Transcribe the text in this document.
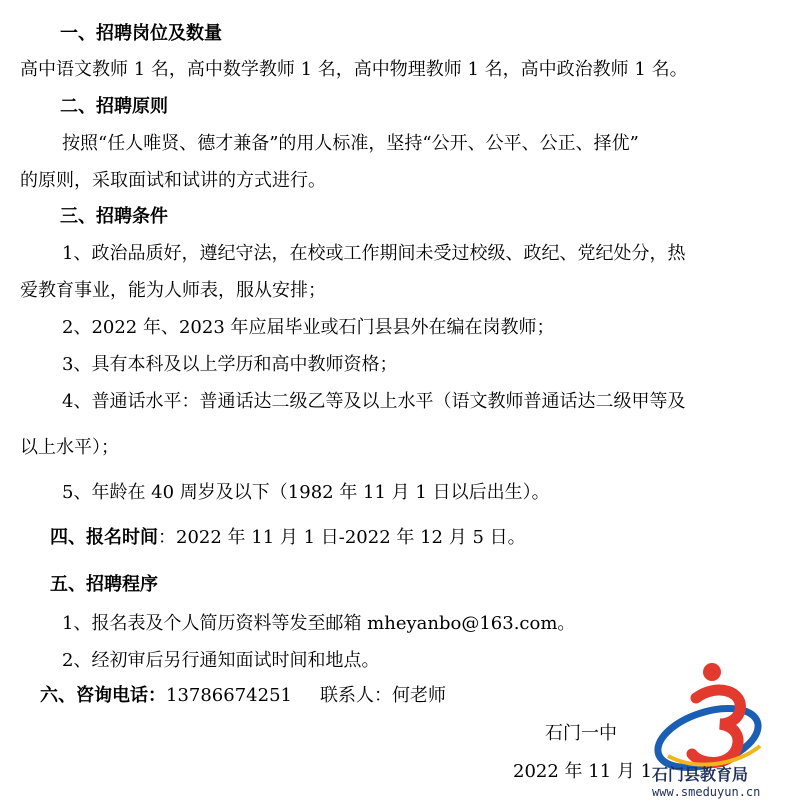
一、招聘岗位及数量
高中语文教师 1 名，高中数学教师 1 名，高中物理教师 1 名，高中政治教师 1 名。
二、招聘原则
按照“任人唯贤、德才兼备”的用人标准，坚持“公开、公平、公正、择优”
的原则，采取面试和试讲的方式进行。
三、招聘条件
1、政治品质好，遵纪守法，在校或工作期间未受过校级、政纪、党纪处分，热
爱教育事业，能为人师表，服从安排；
2、2022 年、2023 年应届毕业或石门县县外在编在岗教师；
3、具有本科及以上学历和高中教师资格；
4、普通话水平：普通话达二级乙等及以上水平（语文教师普通话达二级甲等及
以上水平）；
5、年龄在 40 周岁及以下（1982 年 11 月 1 日以后出生）。
四、报名时间：2022 年 11 月 1 日-2022 年 12 月 5 日。
五、招聘程序
1、报名表及个人简历资料等发至邮箱 mheyanbo@163.com。
2、经初审后另行通知面试时间和地点。
六、咨询电话：13786674251 联系人：何老师
石门一中
2022 年 11 月 1 石门县教育局
www.smeduyun.cn
